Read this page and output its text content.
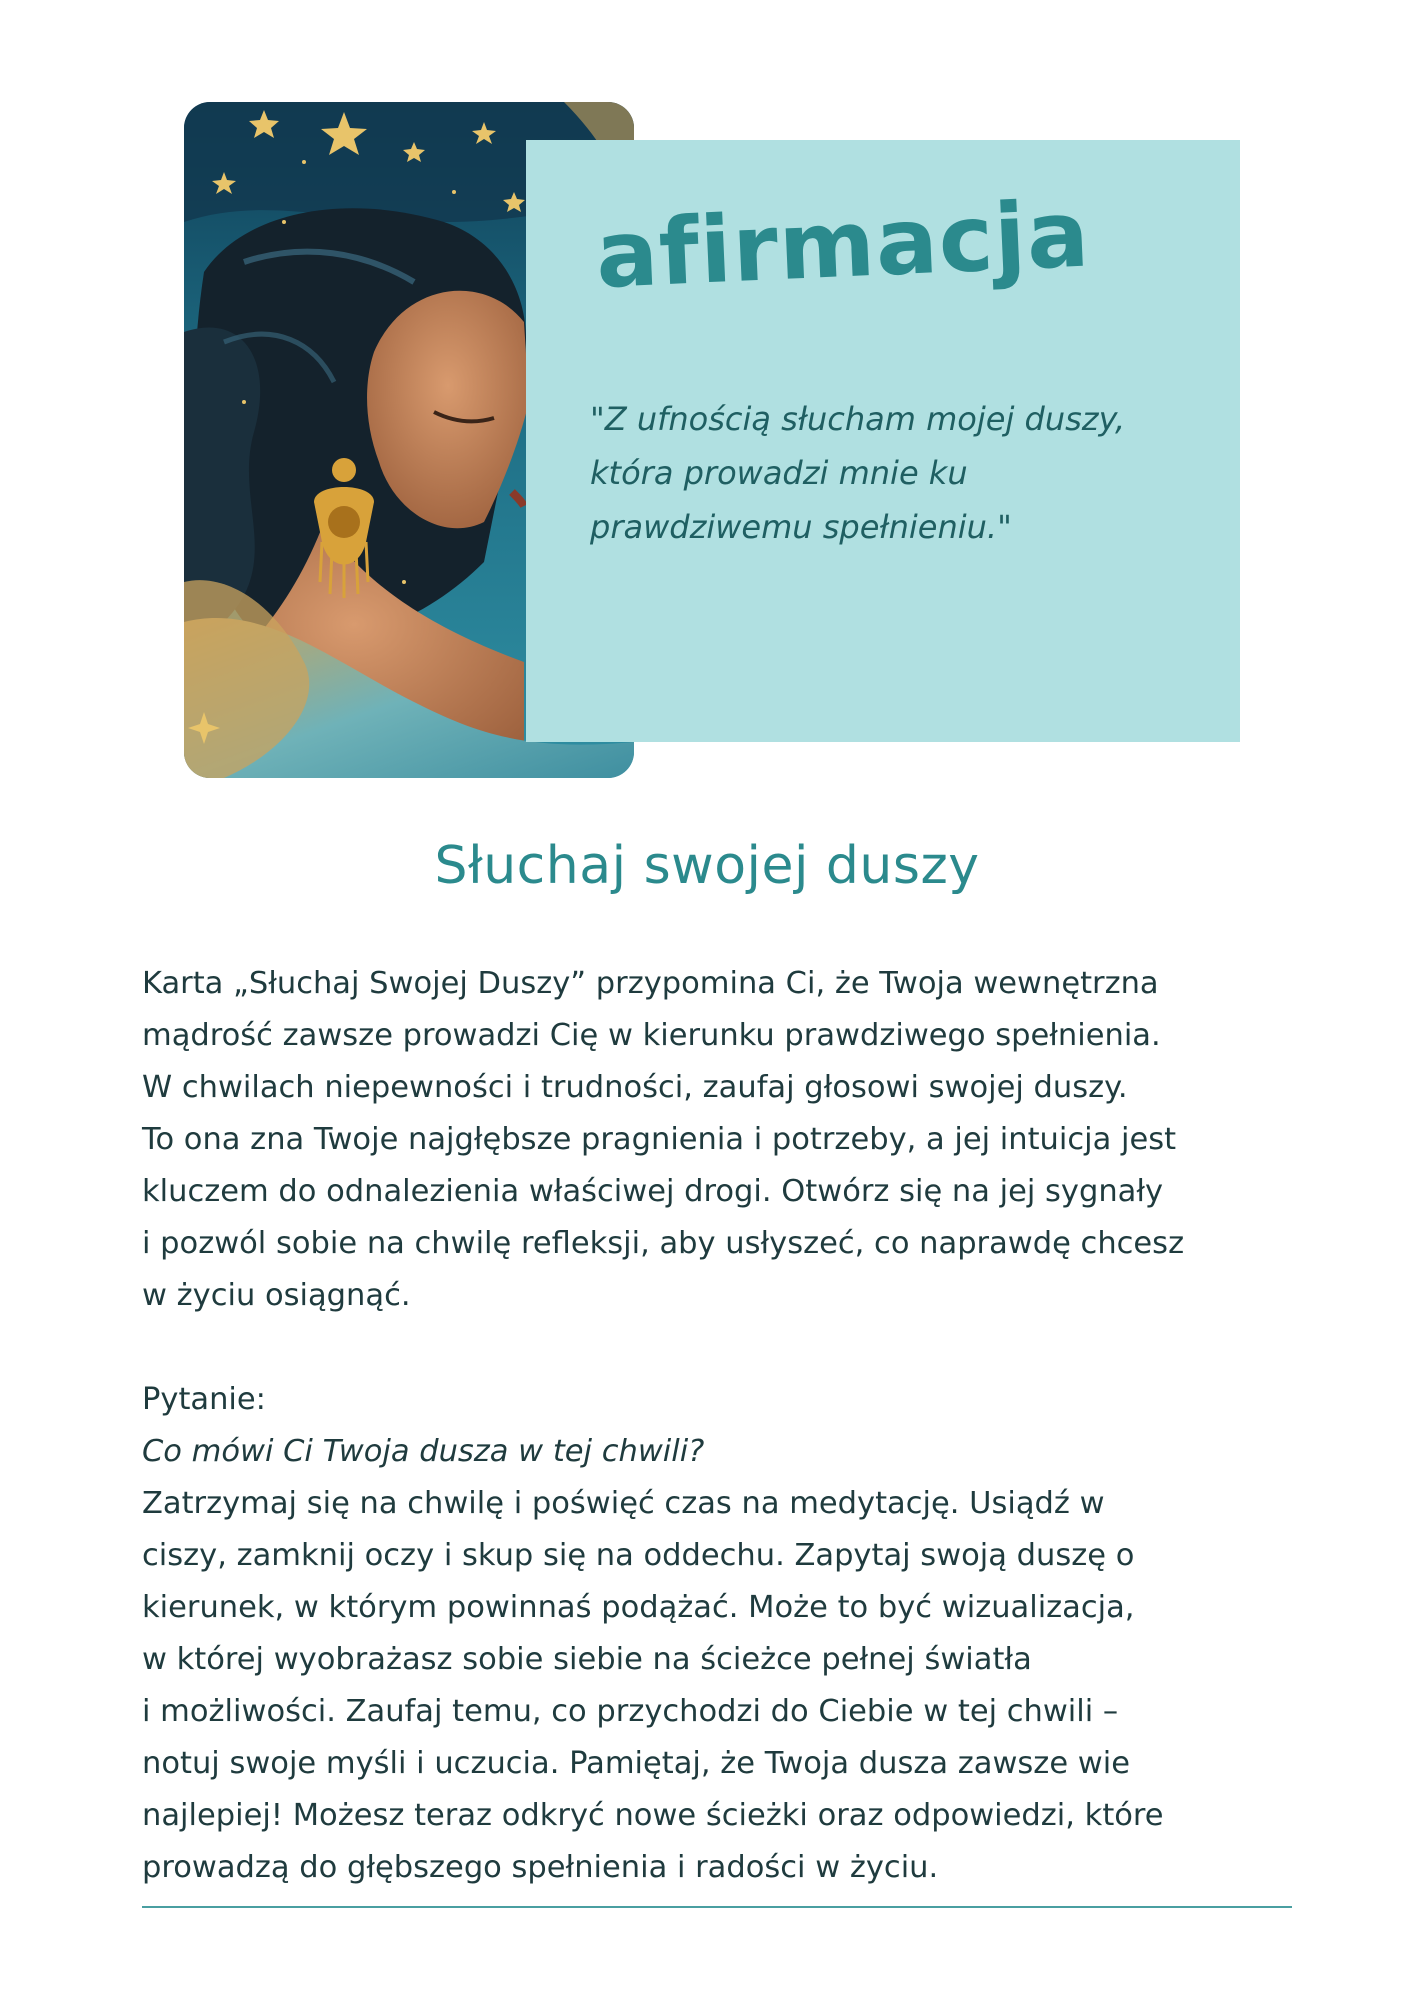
afirmacja

"Z ufnością słucham mojej duszy,
która prowadzi mnie ku
prawdziwemu spełnieniu."

Słuchaj swojej duszy

Karta „Słuchaj Swojej Duszy” przypomina Ci, że Twoja wewnętrzna
mądrość zawsze prowadzi Cię w kierunku prawdziwego spełnienia.
W chwilach niepewności i trudności, zaufaj głosowi swojej duszy.
To ona zna Twoje najgłębsze pragnienia i potrzeby, a jej intuicja jest
kluczem do odnalezienia właściwej drogi. Otwórz się na jej sygnały
i pozwól sobie na chwilę refleksji, aby usłyszeć, co naprawdę chcesz
w życiu osiągnąć.

Pytanie:

Co mówi Ci Twoja dusza w tej chwili?

Zatrzymaj się na chwilę i poświęć czas na medytację. Usiądź w
ciszy, zamknij oczy i skup się na oddechu. Zapytaj swoją duszę o
kierunek, w którym powinnaś podążać. Może to być wizualizacja,
w której wyobrażasz sobie siebie na ścieżce pełnej światła
i możliwości. Zaufaj temu, co przychodzi do Ciebie w tej chwili –
notuj swoje myśli i uczucia. Pamiętaj, że Twoja dusza zawsze wie
najlepiej! Możesz teraz odkryć nowe ścieżki oraz odpowiedzi, które
prowadzą do głębszego spełnienia i radości w życiu.
